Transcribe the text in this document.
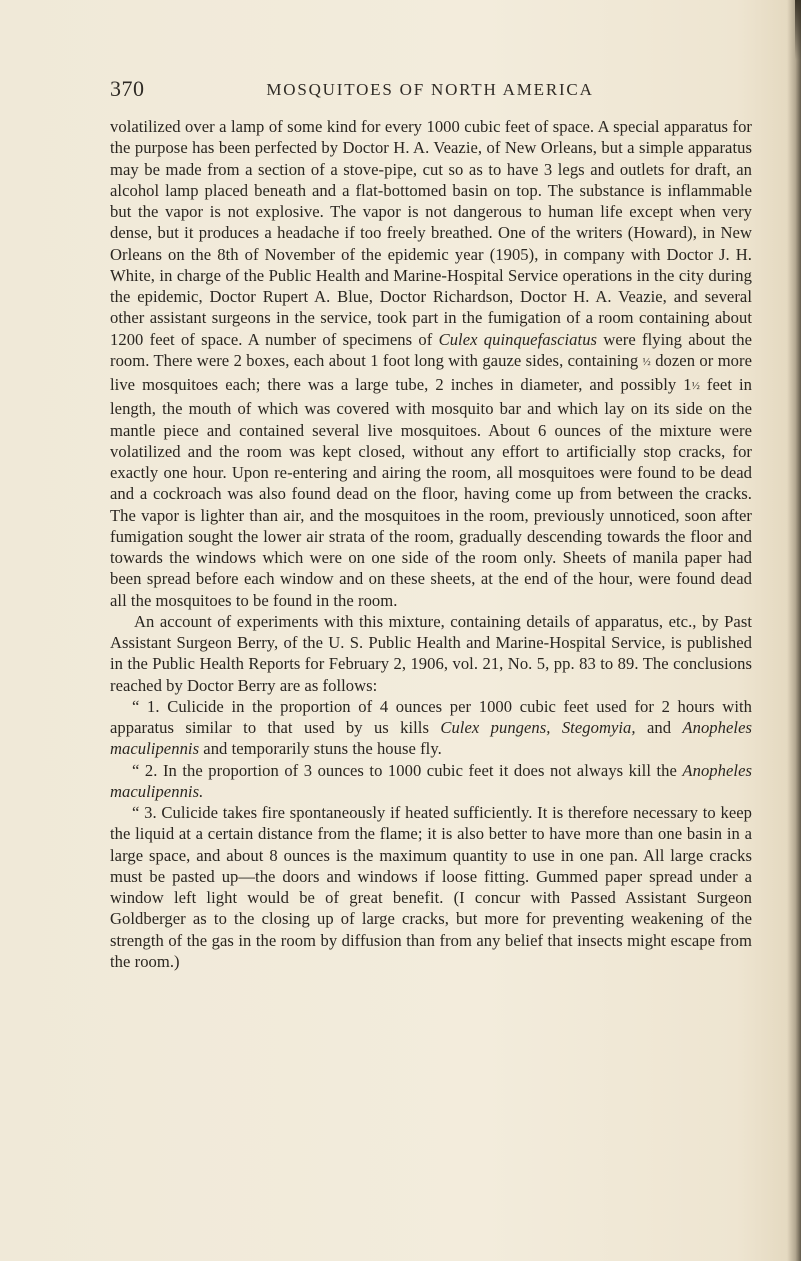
370	MOSQUITOES OF NORTH AMERICA

volatilized over a lamp of some kind for every 1000 cubic feet of space. A special apparatus for the purpose has been perfected by Doctor H. A. Veazie, of New Orleans, but a simple apparatus may be made from a section of a stove-pipe, cut so as to have 3 legs and outlets for draft, an alcohol lamp placed beneath and a flat-bottomed basin on top. The substance is inflammable but the vapor is not explosive. The vapor is not dangerous to human life except when very dense, but it produces a headache if too freely breathed. One of the writers (Howard), in New Orleans on the 8th of November of the epidemic year (1905), in company with Doctor J. H. White, in charge of the Public Health and Marine-Hospital Service operations in the city during the epidemic, Doctor Rupert A. Blue, Doctor Richardson, Doctor H. A. Veazie, and several other assistant surgeons in the service, took part in the fumigation of a room containing about 1200 feet of space. A number of specimens of Culex quinquefasciatus were flying about the room. There were 2 boxes, each about 1 foot long with gauze sides, containing ½ dozen or more live mosquitoes each; there was a large tube, 2 inches in diameter, and possibly 1½ feet in length, the mouth of which was covered with mosquito bar and which lay on its side on the mantle piece and contained several live mosquitoes. About 6 ounces of the mixture were volatilized and the room was kept closed, without any effort to artificially stop cracks, for exactly one hour. Upon re-entering and airing the room, all mosquitoes were found to be dead and a cockroach was also found dead on the floor, having come up from between the cracks. The vapor is lighter than air, and the mosquitoes in the room, previously unnoticed, soon after fumigation sought the lower air strata of the room, gradually descending towards the floor and towards the windows which were on one side of the room only. Sheets of manila paper had been spread before each window and on these sheets, at the end of the hour, were found dead all the mosquitoes to be found in the room.

An account of experiments with this mixture, containing details of apparatus, etc., by Past Assistant Surgeon Berry, of the U. S. Public Health and Marine-Hospital Service, is published in the Public Health Reports for February 2, 1906, vol. 21, No. 5, pp. 83 to 89. The conclusions reached by Doctor Berry are as follows:

“ 1. Culicide in the proportion of 4 ounces per 1000 cubic feet used for 2 hours with apparatus similar to that used by us kills Culex pungens, Stegomyia, and Anopheles maculipennis and temporarily stuns the house fly.

“ 2. In the proportion of 3 ounces to 1000 cubic feet it does not always kill the Anopheles maculipennis.

“ 3. Culicide takes fire spontaneously if heated sufficiently. It is therefore necessary to keep the liquid at a certain distance from the flame; it is also better to have more than one basin in a large space, and about 8 ounces is the maximum quantity to use in one pan. All large cracks must be pasted up—the doors and windows if loose fitting. Gummed paper spread under a window left light would be of great benefit. (I concur with Passed Assistant Surgeon Goldberger as to the closing up of large cracks, but more for preventing weakening of the strength of the gas in the room by diffusion than from any belief that insects might escape from the room.)
